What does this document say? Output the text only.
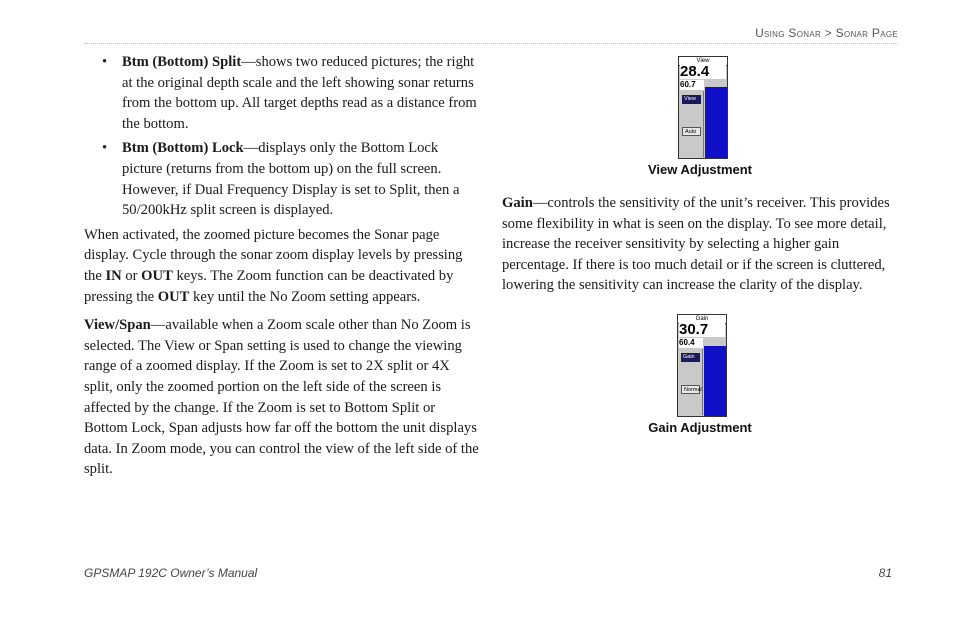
Using Sonar > Sonar Page
• Btm (Bottom) Split—shows two reduced pictures; the right at the original depth scale and the left showing sonar returns from the bottom up. All target depths read as a distance from the bottom.
• Btm (Bottom) Lock—displays only the Bottom Lock picture (returns from the bottom up) on the full screen. However, if Dual Frequency Display is set to Split, then a 50/200kHz split screen is displayed.

When activated, the zoomed picture becomes the Sonar page display. Cycle through the sonar zoom display levels by pressing the IN or OUT keys. The Zoom function can be deactivated by pressing the OUT key until the No Zoom setting appears.

View/Span—available when a Zoom scale other than No Zoom is selected. The View or Span setting is used to change the viewing range of a zoomed display. If the Zoom is set to 2X split or 4X split, only the zoomed portion on the left side of the screen is affected by the change. If the Zoom is set to Bottom Split or Bottom Lock, Span adjusts how far off the bottom the unit displays data. In Zoom mode, you can control the view of the left side of the split.

View
28.4
60.7
View
Auto
View Adjustment

Gain—controls the sensitivity of the unit’s receiver. This provides some flexibility in what is seen on the display. To see more detail, increase the receiver sensitivity by selecting a higher gain percentage. If there is too much detail or if the screen is cluttered, lowering the sensitivity can increase the clarity of the display.

Gain
30.7
60.4
Gain
Normal
Gain Adjustment
GPSMAP 192C Owner’s Manual	81
